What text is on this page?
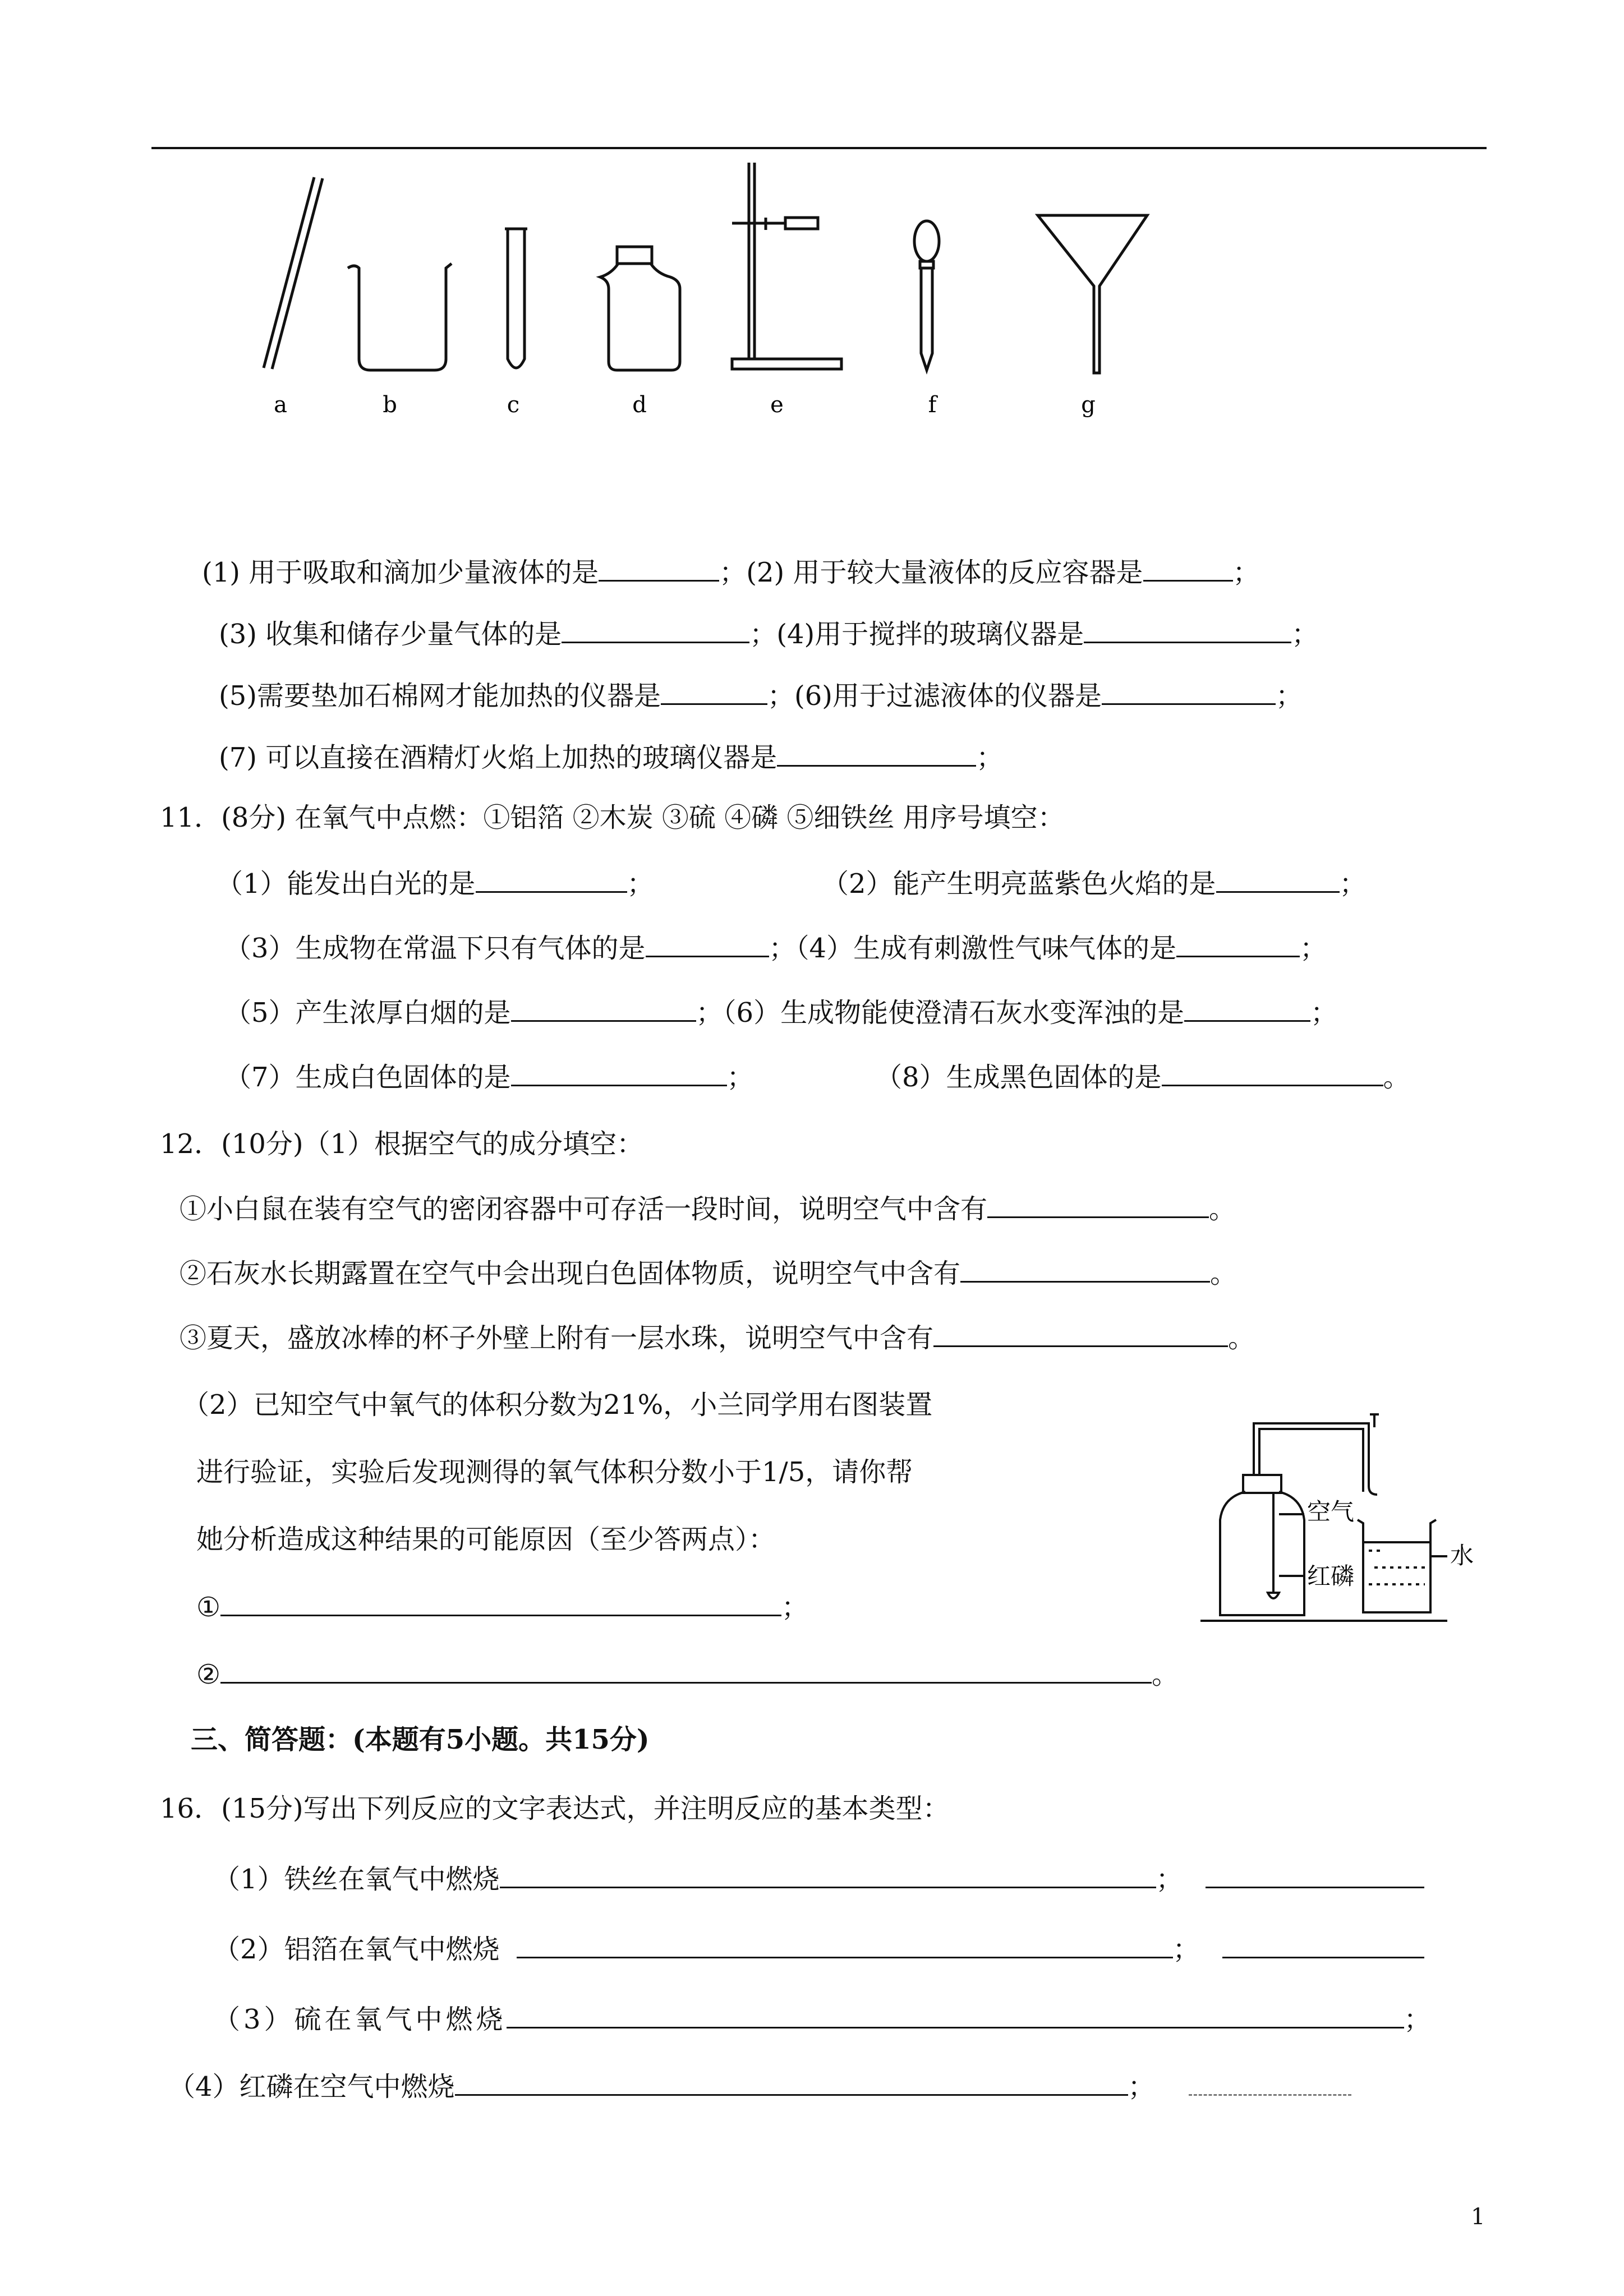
a	b	c	d	e	f	g
(1) 用于吸取和滴加少量液体的是	；(2) 用于较大量液体的反应容器是	；
(3) 收集和储存少量气体的是	；(4)用于搅拌的玻璃仪器是	；
(5)需要垫加石棉网才能加热的仪器是	；(6)用于过滤液体的仪器是	；
(7) 可以直接在酒精灯火焰上加热的玻璃仪器是	；
11．(8分) 在氧气中点燃：①铝箔 ②木炭 ③硫 ④磷 ⑤细铁丝 用序号填空：
（1）能发出白光的是	；	（2）能产生明亮蓝紫色火焰的是	；
（3）生成物在常温下只有气体的是	；（4）生成有刺激性气味气体的是	；
（5）产生浓厚白烟的是	；（6）生成物能使澄清石灰水变浑浊的是	；
（7）生成白色固体的是	；	（8）生成黑色固体的是	。
12．(10分)（1）根据空气的成分填空：
①小白鼠在装有空气的密闭容器中可存活一段时间，说明空气中含有	。
②石灰水长期露置在空气中会出现白色固体物质，说明空气中含有	。
③夏天，盛放冰棒的杯子外壁上附有一层水珠，说明空气中含有	。
（2）已知空气中氧气的体积分数为21%，小兰同学用右图装置
进行验证，实验后发现测得的氧气体积分数小于1/5，请你帮
她分析造成这种结果的可能原因（至少答两点）：
①	；
②	。
空气
红磷
水
三、简答题：(本题有5小题。共15分)
16．(15分)写出下列反应的文字表达式，并注明反应的基本类型：
（1）铁丝在氧气中燃烧	；
（2）铝箔在氧气中燃烧	；
（3）硫在氧气中燃烧	；
（4）红磷在空气中燃烧	；
1
